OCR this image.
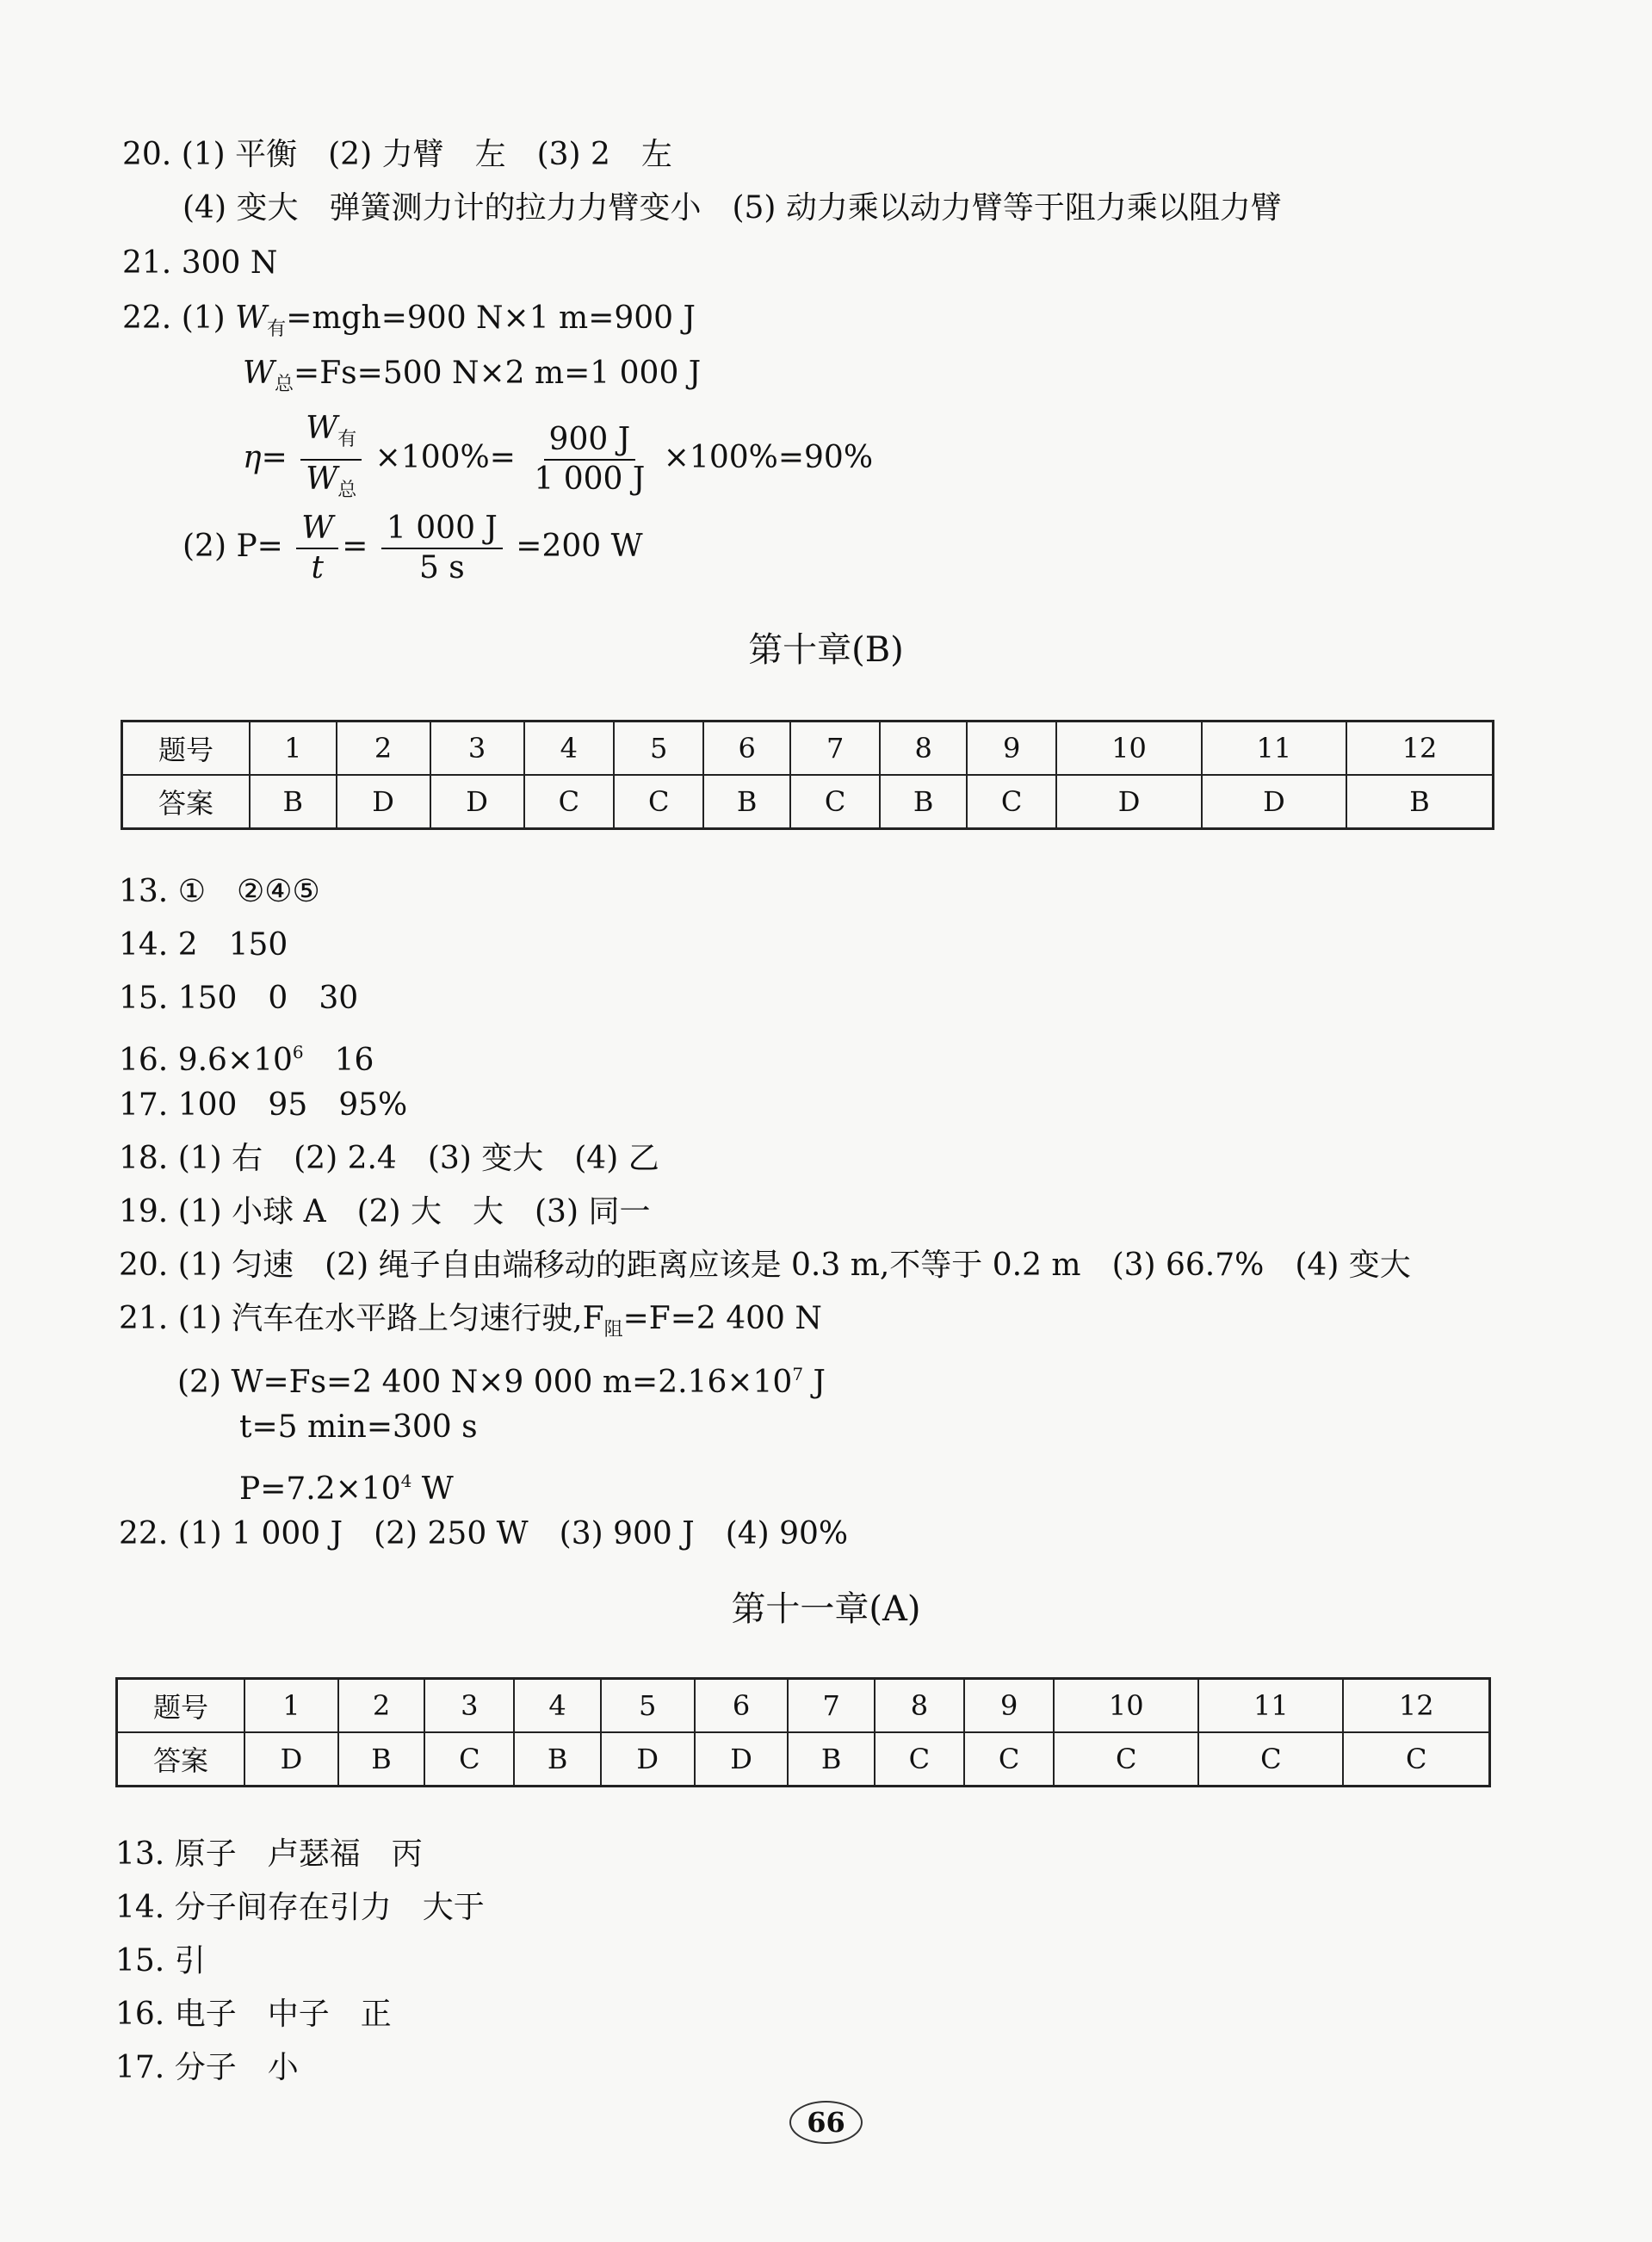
20. (1) 平衡　(2) 力臂　左　(3) 2　左
(4) 变大　弹簧测力计的拉力力臂变小　(5) 动力乘以动力臂等于阻力乘以阻力臂
21. 300 N
22. (1) $W_有=mgh=900$ N×1 m=900 J
$W_总=Fs=500$ N×2 m=1 000 J
$\eta= \frac{W_有}{W_总} \times 100\%= \frac{900 J}{1 000 J} \times 100\%=90\%$
(2) $P= \frac{W}{t} = \frac{1 000 J}{5 s} =200$ W
第十章(B)
题号	1	2	3	4	5	6	7	8	9	10	11	12
答案	B	D	D	C	C	B	C	B	C	D	D	B
13. ①　②④⑤
14. 2　150
15. 150　0　30
16. $9.6\times 10^6$　16
17. 100　95　95%
18. (1) 右　(2) 2.4　(3) 变大　(4) 乙
19. (1) 小球 A　(2) 大　大　(3) 同一
20. (1) 匀速　(2) 绳子自由端移动的距离应该是 0.3 m,不等于 0.2 m　(3) 66.7%　(4) 变大
21. (1) 汽车在水平路上匀速行驶$,F_阻=F=2$ 400 N
(2) W=Fs=2 400 N×9 000 $m=2.16\times 10^7$ J
t=5 min=300 s
$P=7.2\times 10^4$ W
22. (1) 1 000 J　(2) 250 W　(3) 900 J　(4) 90%
第十一章(A)
题号	1	2	3	4	5	6	7	8	9	10	11	12
答案	D	B	C	B	D	D	B	C	C	C	C	C
13. 原子　卢瑟福　丙
14. 分子间存在引力　大于
15. 引
16. 电子　中子　正
17. 分子　小
66
